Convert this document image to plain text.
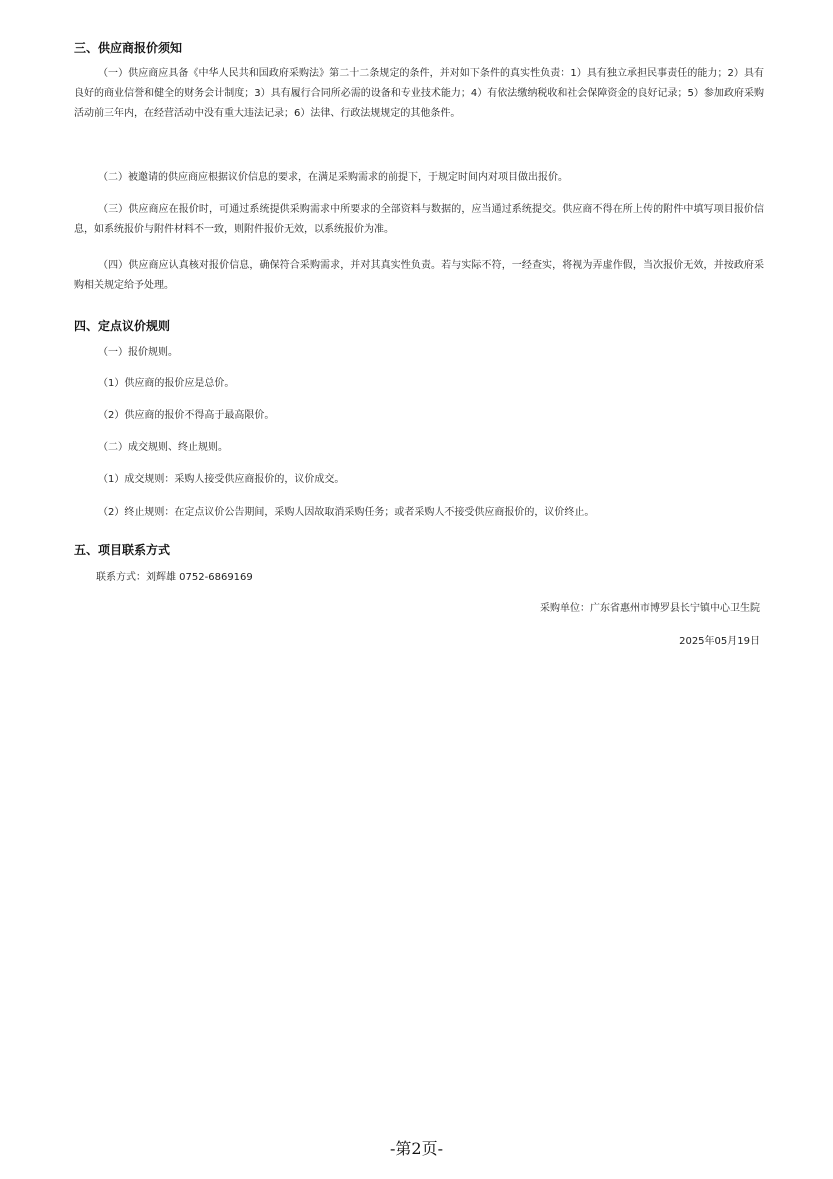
三、供应商报价须知
（一）供应商应具备《中华人民共和国政府采购法》第二十二条规定的条件，并对如下条件的真实性负责：1）具有独立承担民事责任的能力；2）具有良好的商业信誉和健全的财务会计制度；3）具有履行合同所必需的设备和专业技术能力；4）有依法缴纳税收和社会保障资金的良好记录；5）参加政府采购活动前三年内，在经营活动中没有重大违法记录；6）法律、行政法规规定的其他条件。
（二）被邀请的供应商应根据议价信息的要求，在满足采购需求的前提下，于规定时间内对项目做出报价。
（三）供应商应在报价时，可通过系统提供采购需求中所要求的全部资料与数据的，应当通过系统提交。供应商不得在所上传的附件中填写项目报价信息，如系统报价与附件材料不一致，则附件报价无效，以系统报价为准。
（四）供应商应认真核对报价信息，确保符合采购需求，并对其真实性负责。若与实际不符，一经查实，将视为弄虚作假，当次报价无效，并按政府采购相关规定给予处理。
四、定点议价规则
（一）报价规则。
（1）供应商的报价应是总价。
（2）供应商的报价不得高于最高限价。
（二）成交规则、终止规则。
（1）成交规则：采购人接受供应商报价的，议价成交。
（2）终止规则：在定点议价公告期间，采购人因故取消采购任务；或者采购人不接受供应商报价的，议价终止。
五、项目联系方式
联系方式：刘辉雄 0752-6869169
采购单位：广东省惠州市博罗县长宁镇中心卫生院
2025年05月19日
-第2页-
